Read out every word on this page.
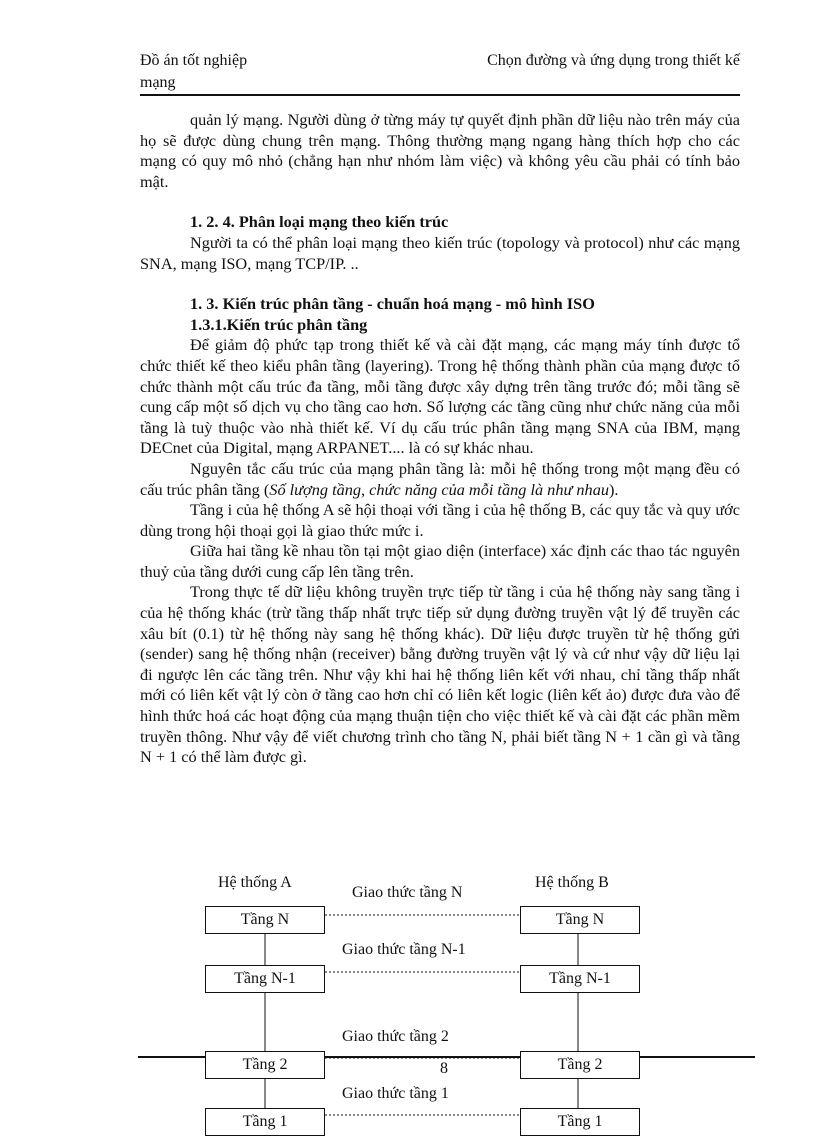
Đồ án tốt nghiệp
mạng
Chọn đường và ứng dụng trong thiết kế

quản lý mạng. Người dùng ở từng máy tự quyết định phần dữ liệu nào trên máy của họ sẽ được dùng chung trên mạng. Thông thường mạng ngang hàng thích hợp cho các mạng có quy mô nhỏ (chẳng hạn như nhóm làm việc) và không yêu cầu phải có tính bảo mật.

1. 2. 4. Phân loại mạng theo kiến trúc

Người ta có thể phân loại mạng theo kiến trúc (topology và protocol) như các mạng SNA, mạng ISO, mạng TCP/IP. ..

1. 3. Kiến trúc phân tầng - chuẩn hoá mạng - mô hình ISO

1.3.1.Kiến trúc phân tầng

Để giảm độ phức tạp trong thiết kế và cài đặt mạng, các mạng máy tính được tổ chức thiết kế theo kiểu phân tầng (layering). Trong hệ thống thành phần của mạng được tổ chức thành một cấu trúc đa tầng, mỗi tầng được xây dựng trên tầng trước đó; mỗi tầng sẽ cung cấp một số dịch vụ cho tầng cao hơn. Số lượng các tầng cũng như chức năng của mỗi tầng là tuỳ thuộc vào nhà thiết kế. Ví dụ cấu trúc phân tầng mạng SNA của IBM, mạng DECnet của Digital, mạng ARPANET.... là có sự khác nhau.

Nguyên tắc cấu trúc của mạng phân tầng là: mỗi hệ thống trong một mạng đều có cấu trúc phân tầng (Số lượng tầng, chức năng của mỗi tầng là như nhau).

Tầng i của hệ thống A sẽ hội thoại với tầng i của hệ thống B, các quy tắc và quy ước dùng trong hội thoại gọi là giao thức mức i.

Giữa hai tầng kề nhau tồn tại một giao diện (interface) xác định các thao tác nguyên thuỷ của tầng dưới cung cấp lên tầng trên.

Trong thực tế dữ liệu không truyền trực tiếp từ tầng i của hệ thống này sang tầng i của hệ thống khác (trừ tầng thấp nhất trực tiếp sử dụng đường truyền vật lý để truyền các xâu bít (0.1) từ hệ thống này sang hệ thống khác). Dữ liệu được truyền từ hệ thống gửi (sender) sang hệ thống nhận (receiver) bằng đường truyền vật lý và cứ như vậy dữ liệu lại đi ngược lên các tầng trên. Như vậy khi hai hệ thống liên kết với nhau, chỉ tầng thấp nhất mới có liên kết vật lý còn ở tầng cao hơn chỉ có liên kết logic (liên kết ảo) được đưa vào để hình thức hoá các hoạt động của mạng thuận tiện cho việc thiết kế và cài đặt các phần mềm truyền thông. Như vậy để viết chương trình cho tầng N, phải biết tầng N + 1 cần gì và tầng N + 1 có thể làm được gì.

Hệ thống A	Hệ thống B
Giao thức tầng N
Giao thức tầng N-1
Giao thức tầng 2
Giao thức tầng 1
Tầng N
Tầng N-1
Tầng 2
Tầng 1
Tầng N
Tầng N-1
Tầng 2
Tầng 1
8
